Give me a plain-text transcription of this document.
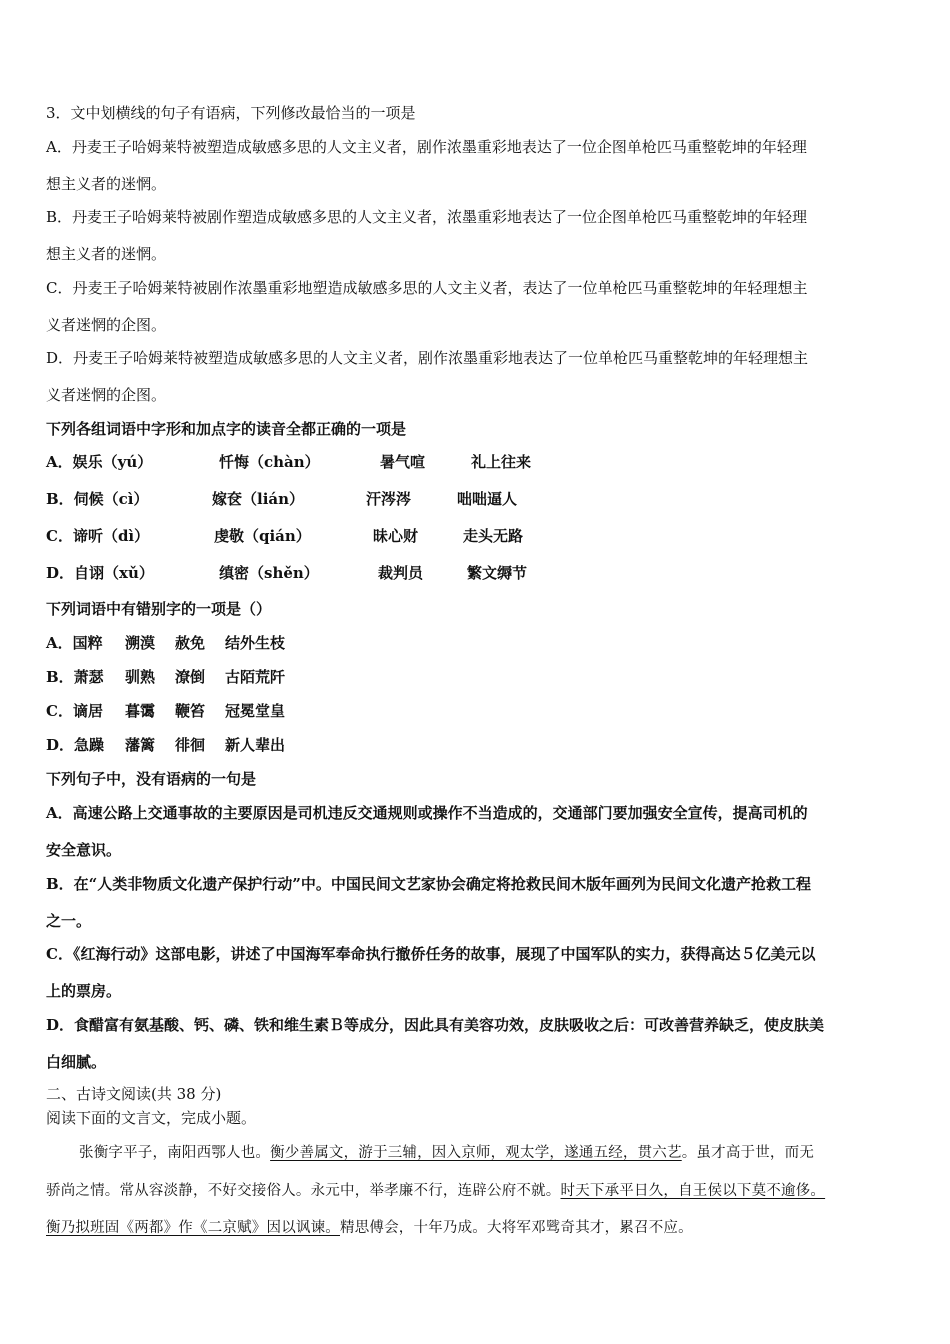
3．文中划横线的句子有语病，下列修改最恰当的一项是
A．丹麦王子哈姆莱特被塑造成敏感多思的人文主义者，剧作浓墨重彩地表达了一位企图单枪匹马重整乾坤的年轻理
想主义者的迷惘。
B．丹麦王子哈姆莱特被剧作塑造成敏感多思的人文主义者，浓墨重彩地表达了一位企图单枪匹马重整乾坤的年轻理
想主义者的迷惘。
C．丹麦王子哈姆莱特被剧作浓墨重彩地塑造成敏感多思的人文主义者，表达了一位单枪匹马重整乾坤的年轻理想主
义者迷惘的企图。
D．丹麦王子哈姆莱特被塑造成敏感多思的人文主义者，剧作浓墨重彩地表达了一位单枪匹马重整乾坤的年轻理想主
义者迷惘的企图。
下列各组词语中字形和加点字的读音全都正确的一项是
A．娱乐（yú）	忏悔（chàn）	暑气喧	礼上往来
B．伺候（cì）	嫁奁（lián）	汗涔涔	咄咄逼人
C．谛听（dì）	虔敬（qián）	昧心财	走头无路
D．自诩（xǔ）	缜密（shěn）	裁判员	繁文缛节
下列词语中有错别字的一项是（）
A．国粹 溯漠 赦免 结外生枝
B．萧瑟 驯熟 潦倒 古陌荒阡
C．谪居 暮霭 鞭笞 冠冕堂皇
D．急躁 藩篱 徘徊 新人辈出
下列句子中，没有语病的一句是
A．高速公路上交通事故的主要原因是司机违反交通规则或操作不当造成的，交通部门要加强安全宣传，提高司机的
安全意识。
B．在“人类非物质文化遗产保护行动”中。中国民间文艺家协会确定将抢救民间木版年画列为民间文化遗产抢救工程
之一。
C．《红海行动》这部电影，讲述了中国海军奉命执行撤侨任务的故事，展现了中国军队的实力，获得高达５亿美元以
上的票房。
D．食醋富有氨基酸、钙、磷、铁和维生素Ｂ等成分，因此具有美容功效，皮肤吸收之后：可改善营养缺乏，使皮肤美
白细腻。
二、古诗文阅读(共 38 分)
阅读下面的文言文，完成小题。
张衡字平子，南阳西鄂人也。衡少善属文，游于三辅，因入京师，观太学，遂通五经，贯六艺。虽才高于世，而无
骄尚之情。常从容淡静，不好交接俗人。永元中，举孝廉不行，连辟公府不就。时天下承平日久，自王侯以下莫不逾侈。
衡乃拟班固《两都》作《二京赋》因以讽谏。精思傅会，十年乃成。大将军邓骘奇其才，累召不应。
